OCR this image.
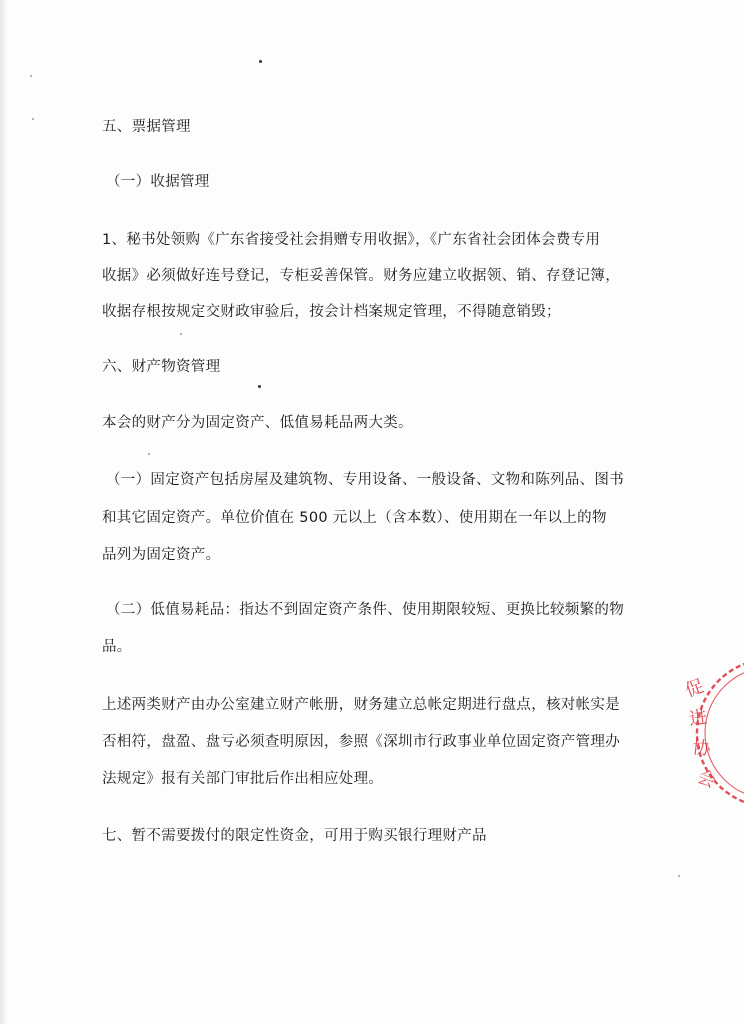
五、票据管理
（一）收据管理
1、秘书处领购《广东省接受社会捐赠专用收据》，《广东省社会团体会费专用
收据》必须做好连号登记，专柜妥善保管。财务应建立收据领、销、存登记簿，
收据存根按规定交财政审验后，按会计档案规定管理，不得随意销毁；
六、财产物资管理
本会的财产分为固定资产、低值易耗品两大类。
（一）固定资产包括房屋及建筑物、专用设备、一般设备、文物和陈列品、图书
和其它固定资产。单位价值在 500 元以上（含本数）、使用期在一年以上的物
品列为固定资产。
（二）低值易耗品：指达不到固定资产条件、使用期限较短、更换比较频繁的物
品。
上述两类财产由办公室建立财产帐册，财务建立总帐定期进行盘点，核对帐实是
否相符，盘盈、盘亏必须查明原因，参照《深圳市行政事业单位固定资产管理办
法规定》报有关部门审批后作出相应处理。
七、暂不需要拨付的限定性资金，可用于购买银行理财产品
促
进
协
会
